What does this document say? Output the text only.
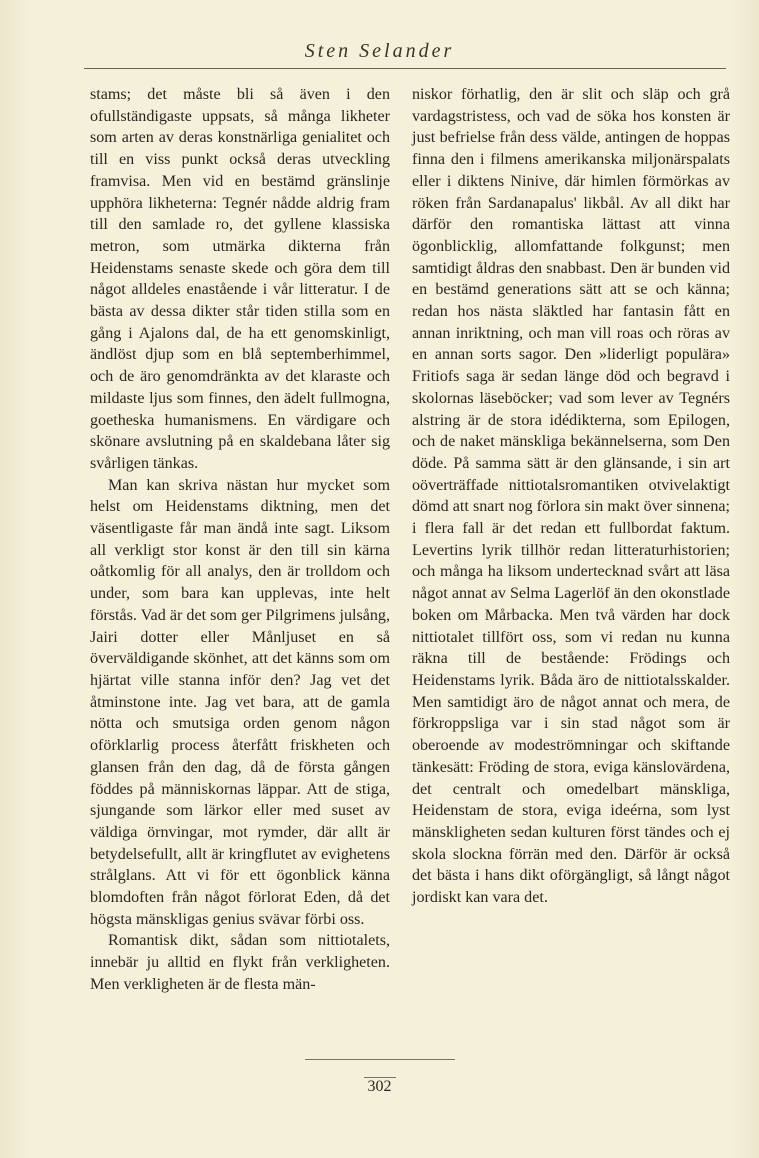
Sten Selander

stams; det måste bli så även i den ofullständigaste uppsats, så många likheter som arten av deras konstnärliga genialitet och till en viss punkt också deras utveckling framvisa. Men vid en bestämd gränslinje upphöra likheterna: Tegnér nådde aldrig fram till den samlade ro, det gyllene klassiska metron, som utmärka dikterna från Heidenstams senaste skede och göra dem till något alldeles enastående i vår litteratur. I de bästa av dessa dikter står tiden stilla som en gång i Ajalons dal, de ha ett genomskinligt, ändlöst djup som en blå septemberhimmel, och de äro genomdränkta av det klaraste och mildaste ljus som finnes, den ädelt fullmogna, goetheska humanismens. En värdigare och skönare avslutning på en skaldebana låter sig svårligen tänkas.

Man kan skriva nästan hur mycket som helst om Heidenstams diktning, men det väsentligaste får man ändå inte sagt. Liksom all verkligt stor konst är den till sin kärna oåtkomlig för all analys, den är trolldom och under, som bara kan upplevas, inte helt förstås. Vad är det som ger Pilgrimens julsång, Jairi dotter eller Månljuset en så överväldigande skönhet, att det känns som om hjärtat ville stanna inför den? Jag vet det åtminstone inte. Jag vet bara, att de gamla nötta och smutsiga orden genom någon oförklarlig process återfått friskheten och glansen från den dag, då de första gången föddes på människornas läppar. Att de stiga, sjungande som lärkor eller med suset av väldiga örnvingar, mot rymder, där allt är betydelsefullt, allt är kringflutet av evighetens strålglans. Att vi för ett ögonblick känna blomdoften från något förlorat Eden, då det högsta mänskligas genius svävar förbi oss.

Romantisk dikt, sådan som nittiotalets, innebär ju alltid en flykt från verkligheten. Men verkligheten är de flesta män-

niskor förhatlig, den är slit och släp och grå vardagstristess, och vad de söka hos konsten är just befrielse från dess välde, antingen de hoppas finna den i filmens amerikanska miljonärspalats eller i diktens Ninive, där himlen förmörkas av röken från Sardanapalus' likbål. Av all dikt har därför den romantiska lättast att vinna ögonblicklig, allomfattande folkgunst; men samtidigt åldras den snabbast. Den är bunden vid en bestämd generations sätt att se och känna; redan hos nästa släktled har fantasin fått en annan inriktning, och man vill roas och röras av en annan sorts sagor. Den »liderligt populära» Fritiofs saga är sedan länge död och begravd i skolornas läseböcker; vad som lever av Tegnérs alstring är de stora idédikterna, som Epilogen, och de naket mänskliga bekännelserna, som Den döde. På samma sätt är den glänsande, i sin art oöverträffade nittiotalsromantiken otvivelaktigt dömd att snart nog förlora sin makt över sinnena; i flera fall är det redan ett fullbordat faktum. Levertins lyrik tillhör redan litteraturhistorien; och många ha liksom undertecknad svårt att läsa något annat av Selma Lagerlöf än den okonstlade boken om Mårbacka. Men två värden har dock nittiotalet tillfört oss, som vi redan nu kunna räkna till de bestående: Frödings och Heidenstams lyrik. Båda äro de nittiotalsskalder. Men samtidigt äro de något annat och mera, de förkroppsliga var i sin stad något som är oberoende av modeströmningar och skiftande tänkesätt: Fröding de stora, eviga känslovärdena, det centralt och omedelbart mänskliga, Heidenstam de stora, eviga ideérna, som lyst mänskligheten sedan kulturen först tändes och ej skola slockna förrän med den. Därför är också det bästa i hans dikt oförgängligt, så långt något jordiskt kan vara det.

302
